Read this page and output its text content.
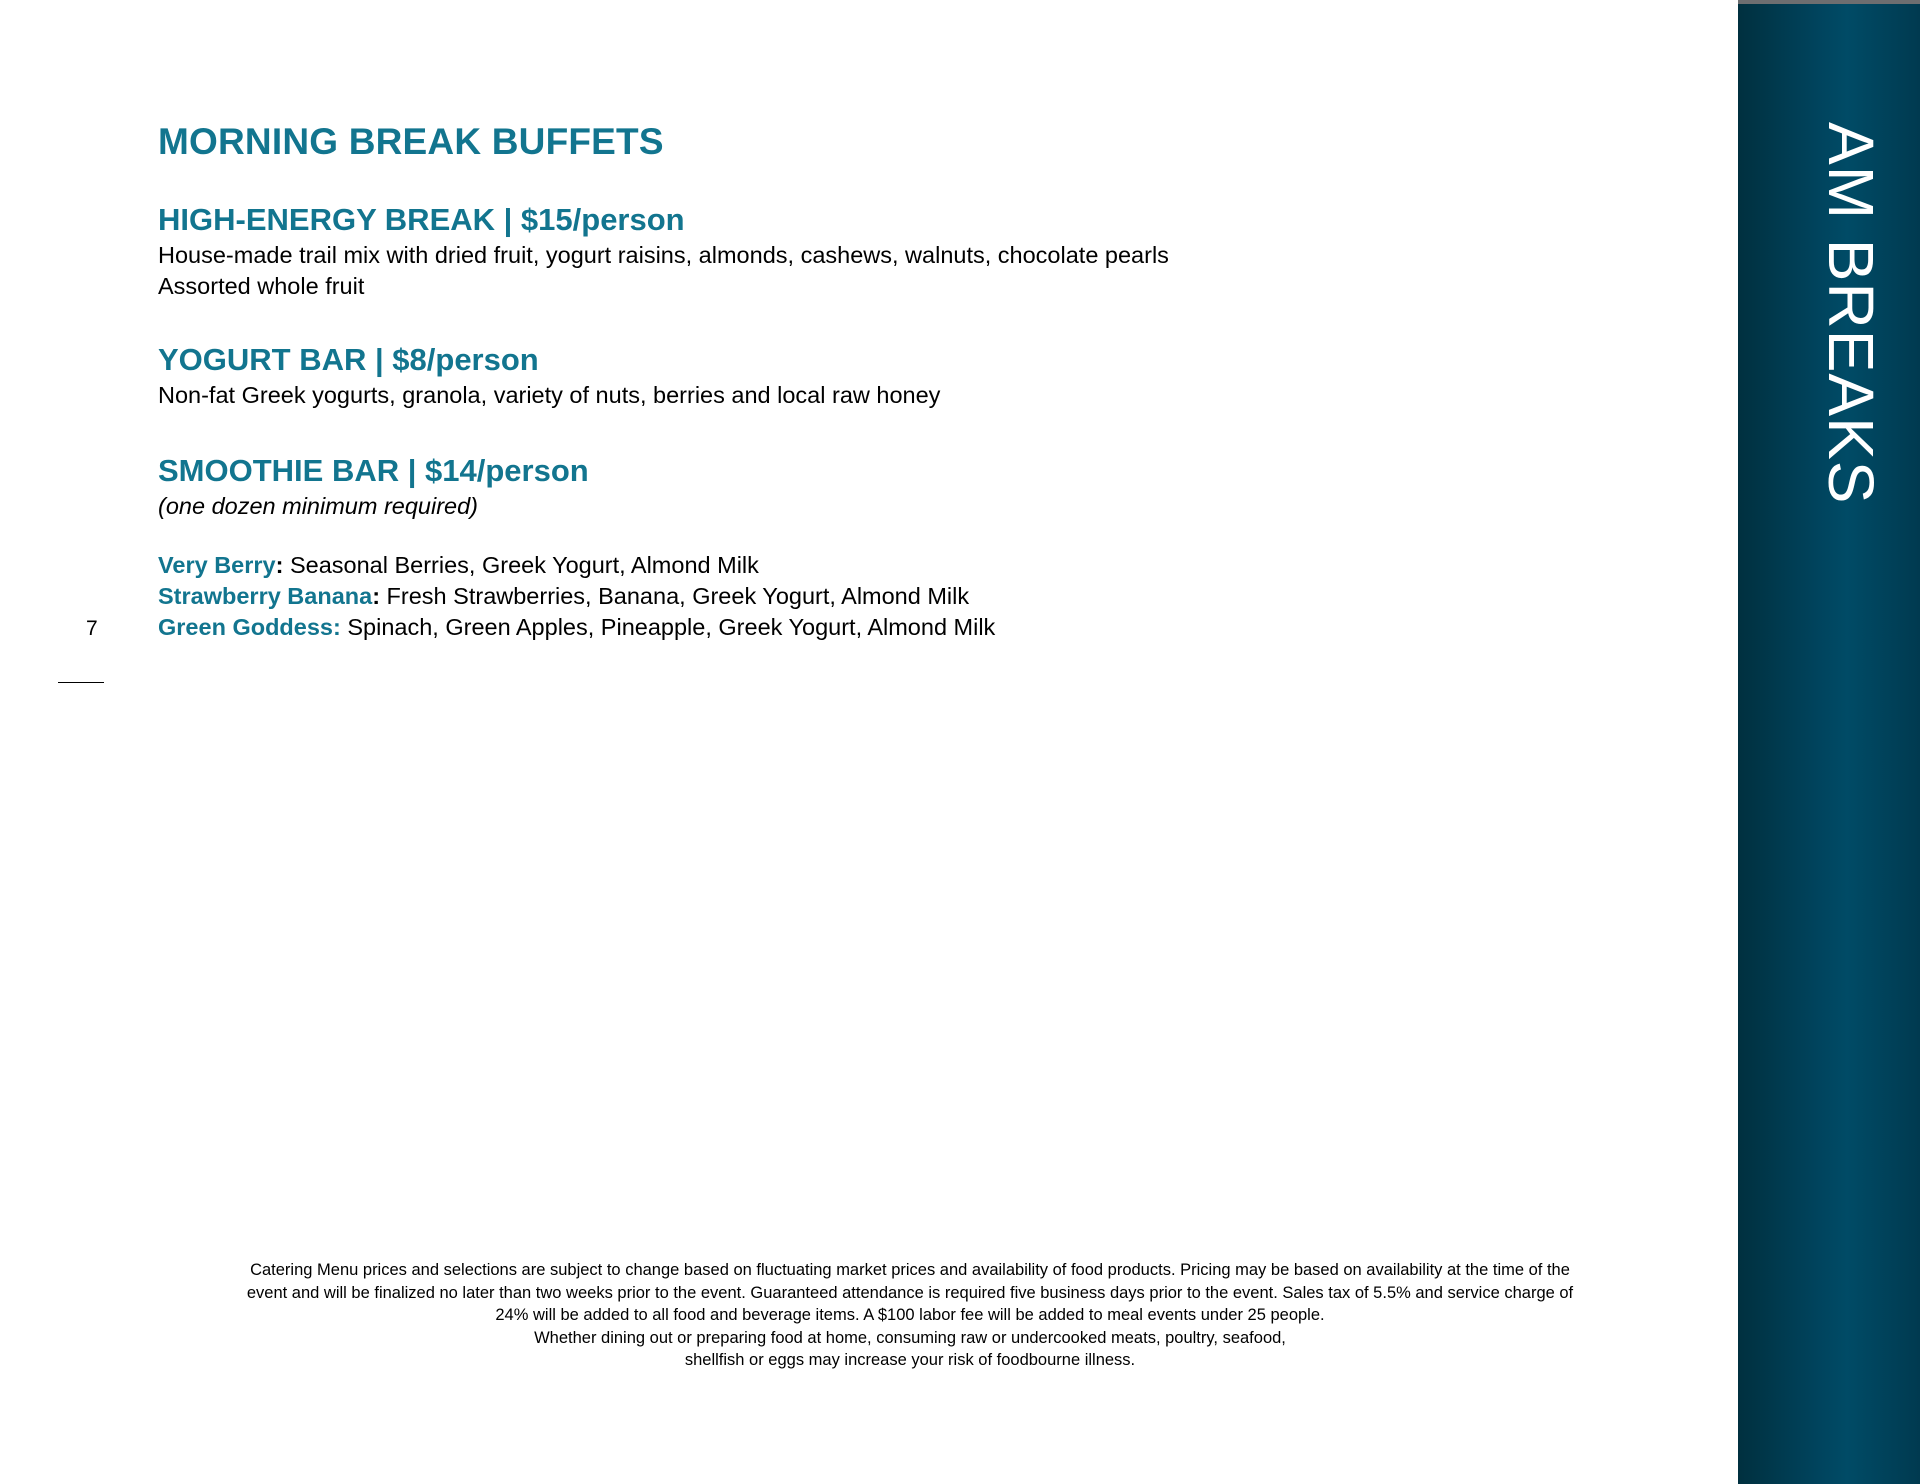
AM BREAKS
MORNING BREAK BUFFETS
HIGH-ENERGY BREAK | $15/person

House-made trail mix with dried fruit, yogurt raisins, almonds, cashews, walnuts, chocolate pearls

Assorted whole fruit

YOGURT BAR | $8/person

Non-fat Greek yogurts, granola, variety of nuts, berries and local raw honey

SMOOTHIE BAR | $14/person

(one dozen minimum required)

Very Berry: Seasonal Berries, Greek Yogurt, Almond Milk

Strawberry Banana: Fresh Strawberries, Banana, Greek Yogurt, Almond Milk

Green Goddess: Spinach, Green Apples, Pineapple, Greek Yogurt, Almond Milk

7

Catering Menu prices and selections are subject to change based on fluctuating market prices and availability of food products. Pricing may be based on availability at the time of the

event and will be finalized no later than two weeks prior to the event. Guaranteed attendance is required five business days prior to the event. Sales tax of 5.5% and service charge of

24% will be added to all food and beverage items. A $100 labor fee will be added to meal events under 25 people.

Whether dining out or preparing food at home, consuming raw or undercooked meats, poultry, seafood,

shellfish or eggs may increase your risk of foodbourne illness.
